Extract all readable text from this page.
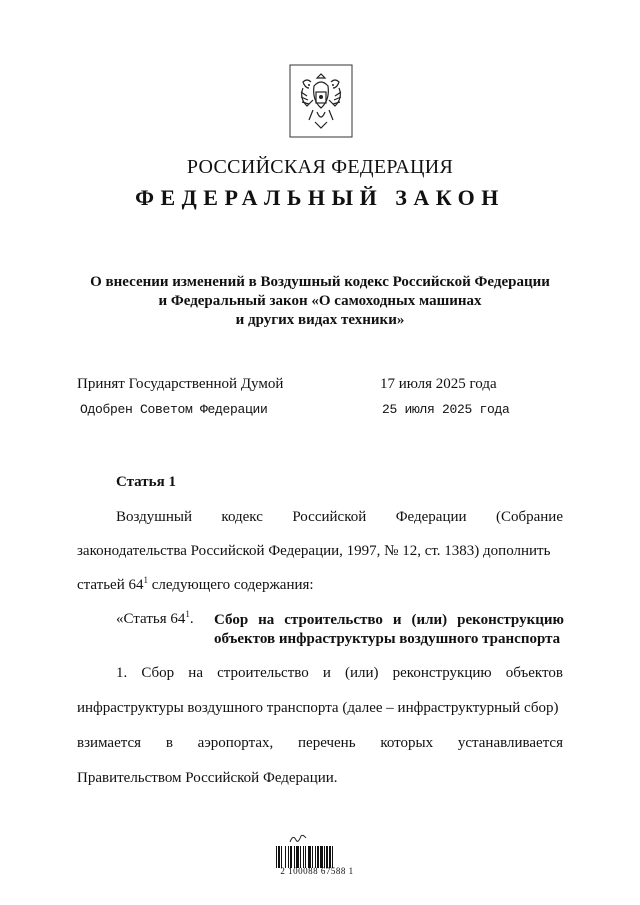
РОССИЙСКАЯ ФЕДЕРАЦИЯ
ФЕДЕРАЛЬНЫЙ ЗАКОН
О внесении изменений в Воздушный кодекс Российской Федерации
и Федеральный закон «О самоходных машинах
и других видах техники»
Принят Государственной Думой	17 июля 2025 года
Одобрен Советом Федерации	25 июля 2025 года
Статья 1
Воздушный кодекс Российской Федерации (Собрание
законодательства Российской Федерации, 1997, № 12, ст. 1383) дополнить
статьей $64^1$ следующего содержания:
«Статья $64^1$. Сбор на строительство и (или) реконструкцию
объектов инфраструктуры воздушного транспорта
1. Сбор на строительство и (или) реконструкцию объектов
инфраструктуры воздушного транспорта (далее – инфраструктурный сбор)
взимается в аэропортах, перечень которых устанавливается
Правительством Российской Федерации.
2 100088 67588 1
